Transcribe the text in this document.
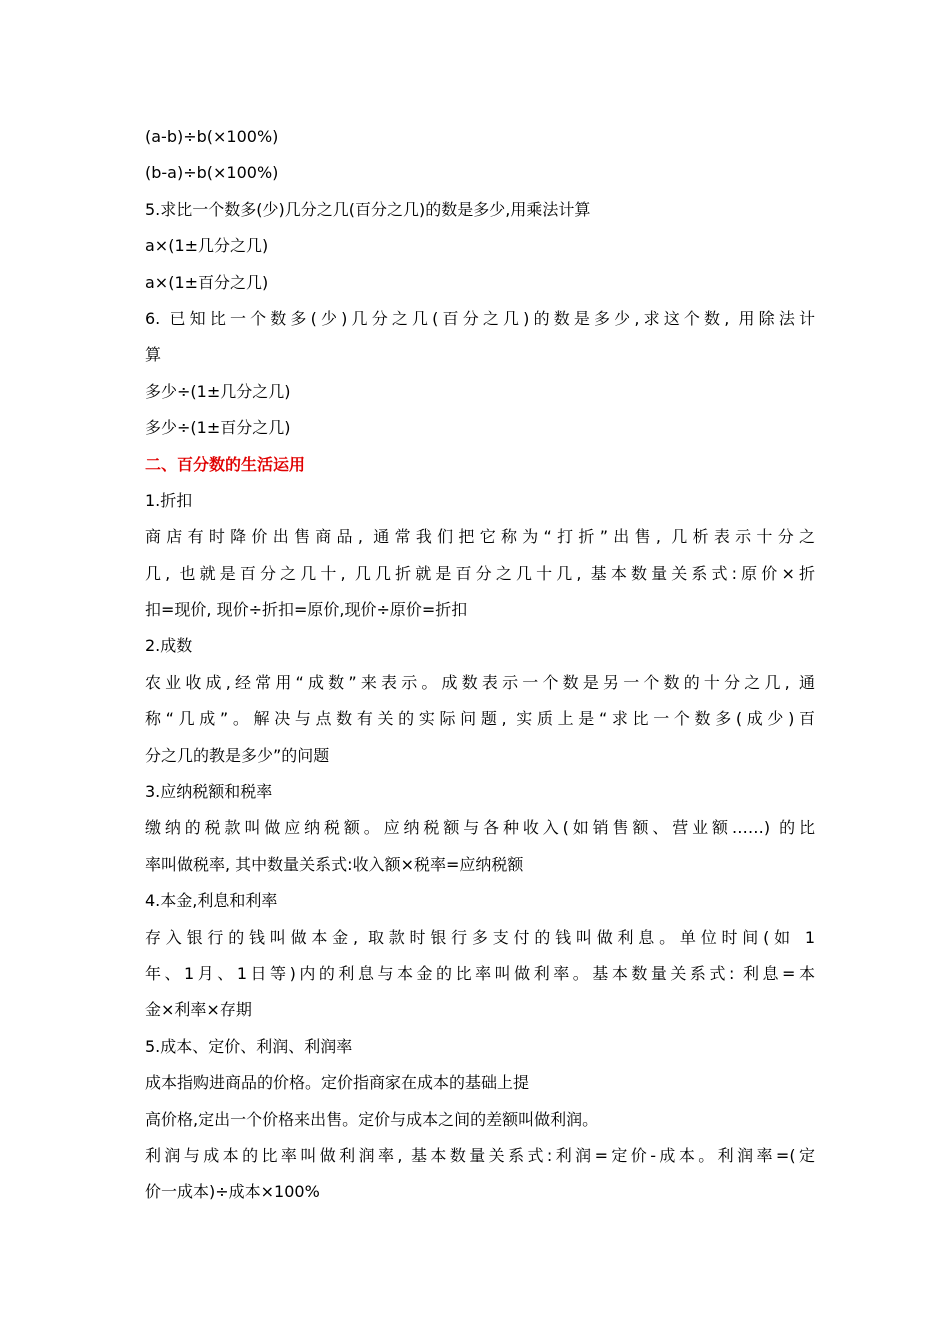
(a-b)÷b(×100%)
(b-a)÷b(×100%)
5.求比一个数多(少)几分之几(百分之几)的数是多少,用乘法计算
a×(1±几分之几)
a×(1±百分之几)
6. 已知比一个数多(少)几分之几(百分之几)的数是多少,求这个数, 用除法计
算
多少÷(1±几分之几)
多少÷(1±百分之几)
二、百分数的生活运用
1.折扣
商店有时降价出售商品, 通常我们把它称为“打折”出售, 几析表示十分之
几, 也就是百分之几十, 几几折就是百分之几十几, 基本数量关系式:原价×折
扣=现价, 现价÷折扣=原价,现价÷原价=折扣
2.成数
农业收成,经常用“成数”来表示。成数表示一个数是另一个数的十分之几, 通
称“几成”。解决与点数有关的实际问题, 实质上是“求比一个数多(成少)百
分之几的教是多少”的问题
3.应纳税额和税率
缴纳的税款叫做应纳税额。应纳税额与各种收入(如销售额、营业额……) 的比
率叫做税率, 其中数量关系式:收入额×税率=应纳税额
4.本金,利息和利率
存入银行的钱叫做本金, 取款时银行多支付的钱叫做利息。单位时间(如 1
年、1月、1日等)内的利息与本金的比率叫做利率。基本数量关系式: 利息=本
金×利率×存期
5.成本、定价、利润、利润率
成本指购进商品的价格。定价指商家在成本的基础上提
高价格,定出一个价格来出售。定价与成本之间的差额叫做利润。
利润与成本的比率叫做利润率, 基本数量关系式:利润=定价-成本。利润率=(定
价一成本)÷成本×100%
